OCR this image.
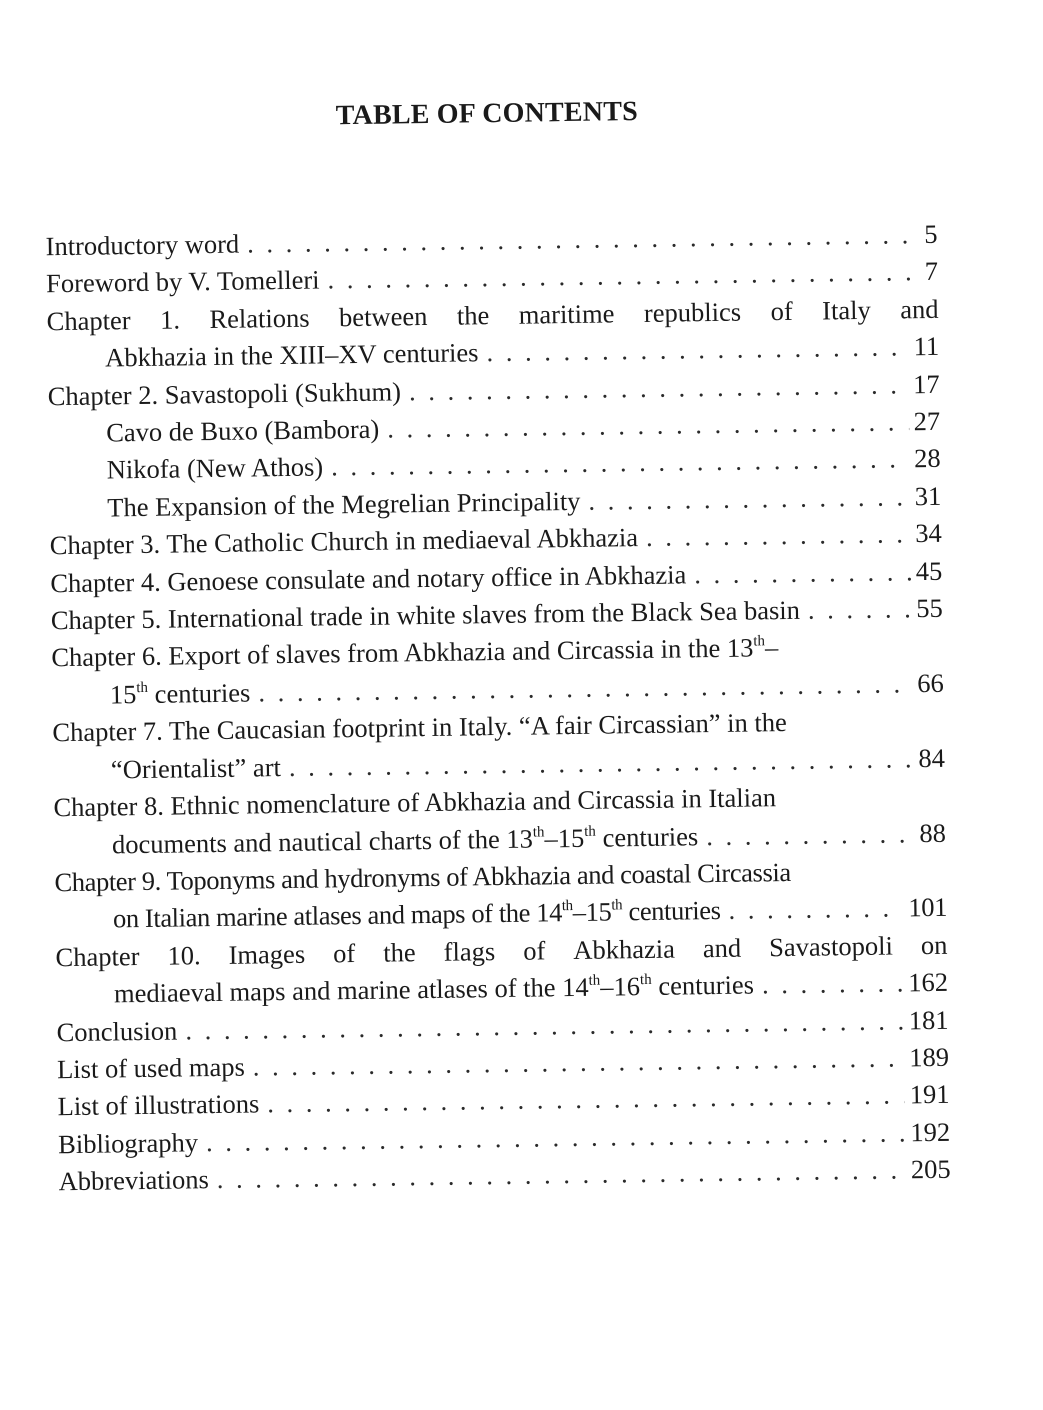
TABLE OF CONTENTS
Introductory word . . .	5
Foreword by V. Tomelleri . . .	7
Chapter 1. Relations between the maritime republics of Italy and
Abkhazia in the XIII–XV centuries . . .	11
Chapter 2. Savastopoli (Sukhum) . . .	17
Cavo de Buxo (Bambora) . . .	27
Nikofa (New Athos) . . .	28
The Expansion of the Megrelian Principality . . .	31
Chapter 3. The Catholic Church in mediaeval Abkhazia . . .	34
Chapter 4. Genoese consulate and notary office in Abkhazia . . .	45
Chapter 5. International trade in white slaves from the Black Sea basin . . .	55
Chapter 6. Export of slaves from Abkhazia and Circassia in the 13th–
15th centuries . . .	66
Chapter 7. The Caucasian footprint in Italy. “A fair Circassian” in the
“Orientalist” art . . .	84
Chapter 8. Ethnic nomenclature of Abkhazia and Circassia in Italian
documents and nautical charts of the 13th–15th centuries . . .	88
Chapter 9. Toponyms and hydronyms of Abkhazia and coastal Circassia
on Italian marine atlases and maps of the 14th–15th centuries . . .	101
Chapter 10. Images of the flags of Abkhazia and Savastopoli on
mediaeval maps and marine atlases of the 14th–16th centuries . . .	162
Conclusion . . .	181
List of used maps . . .	189
List of illustrations . . .	191
Bibliography . . .	192
Abbreviations . . .	205
